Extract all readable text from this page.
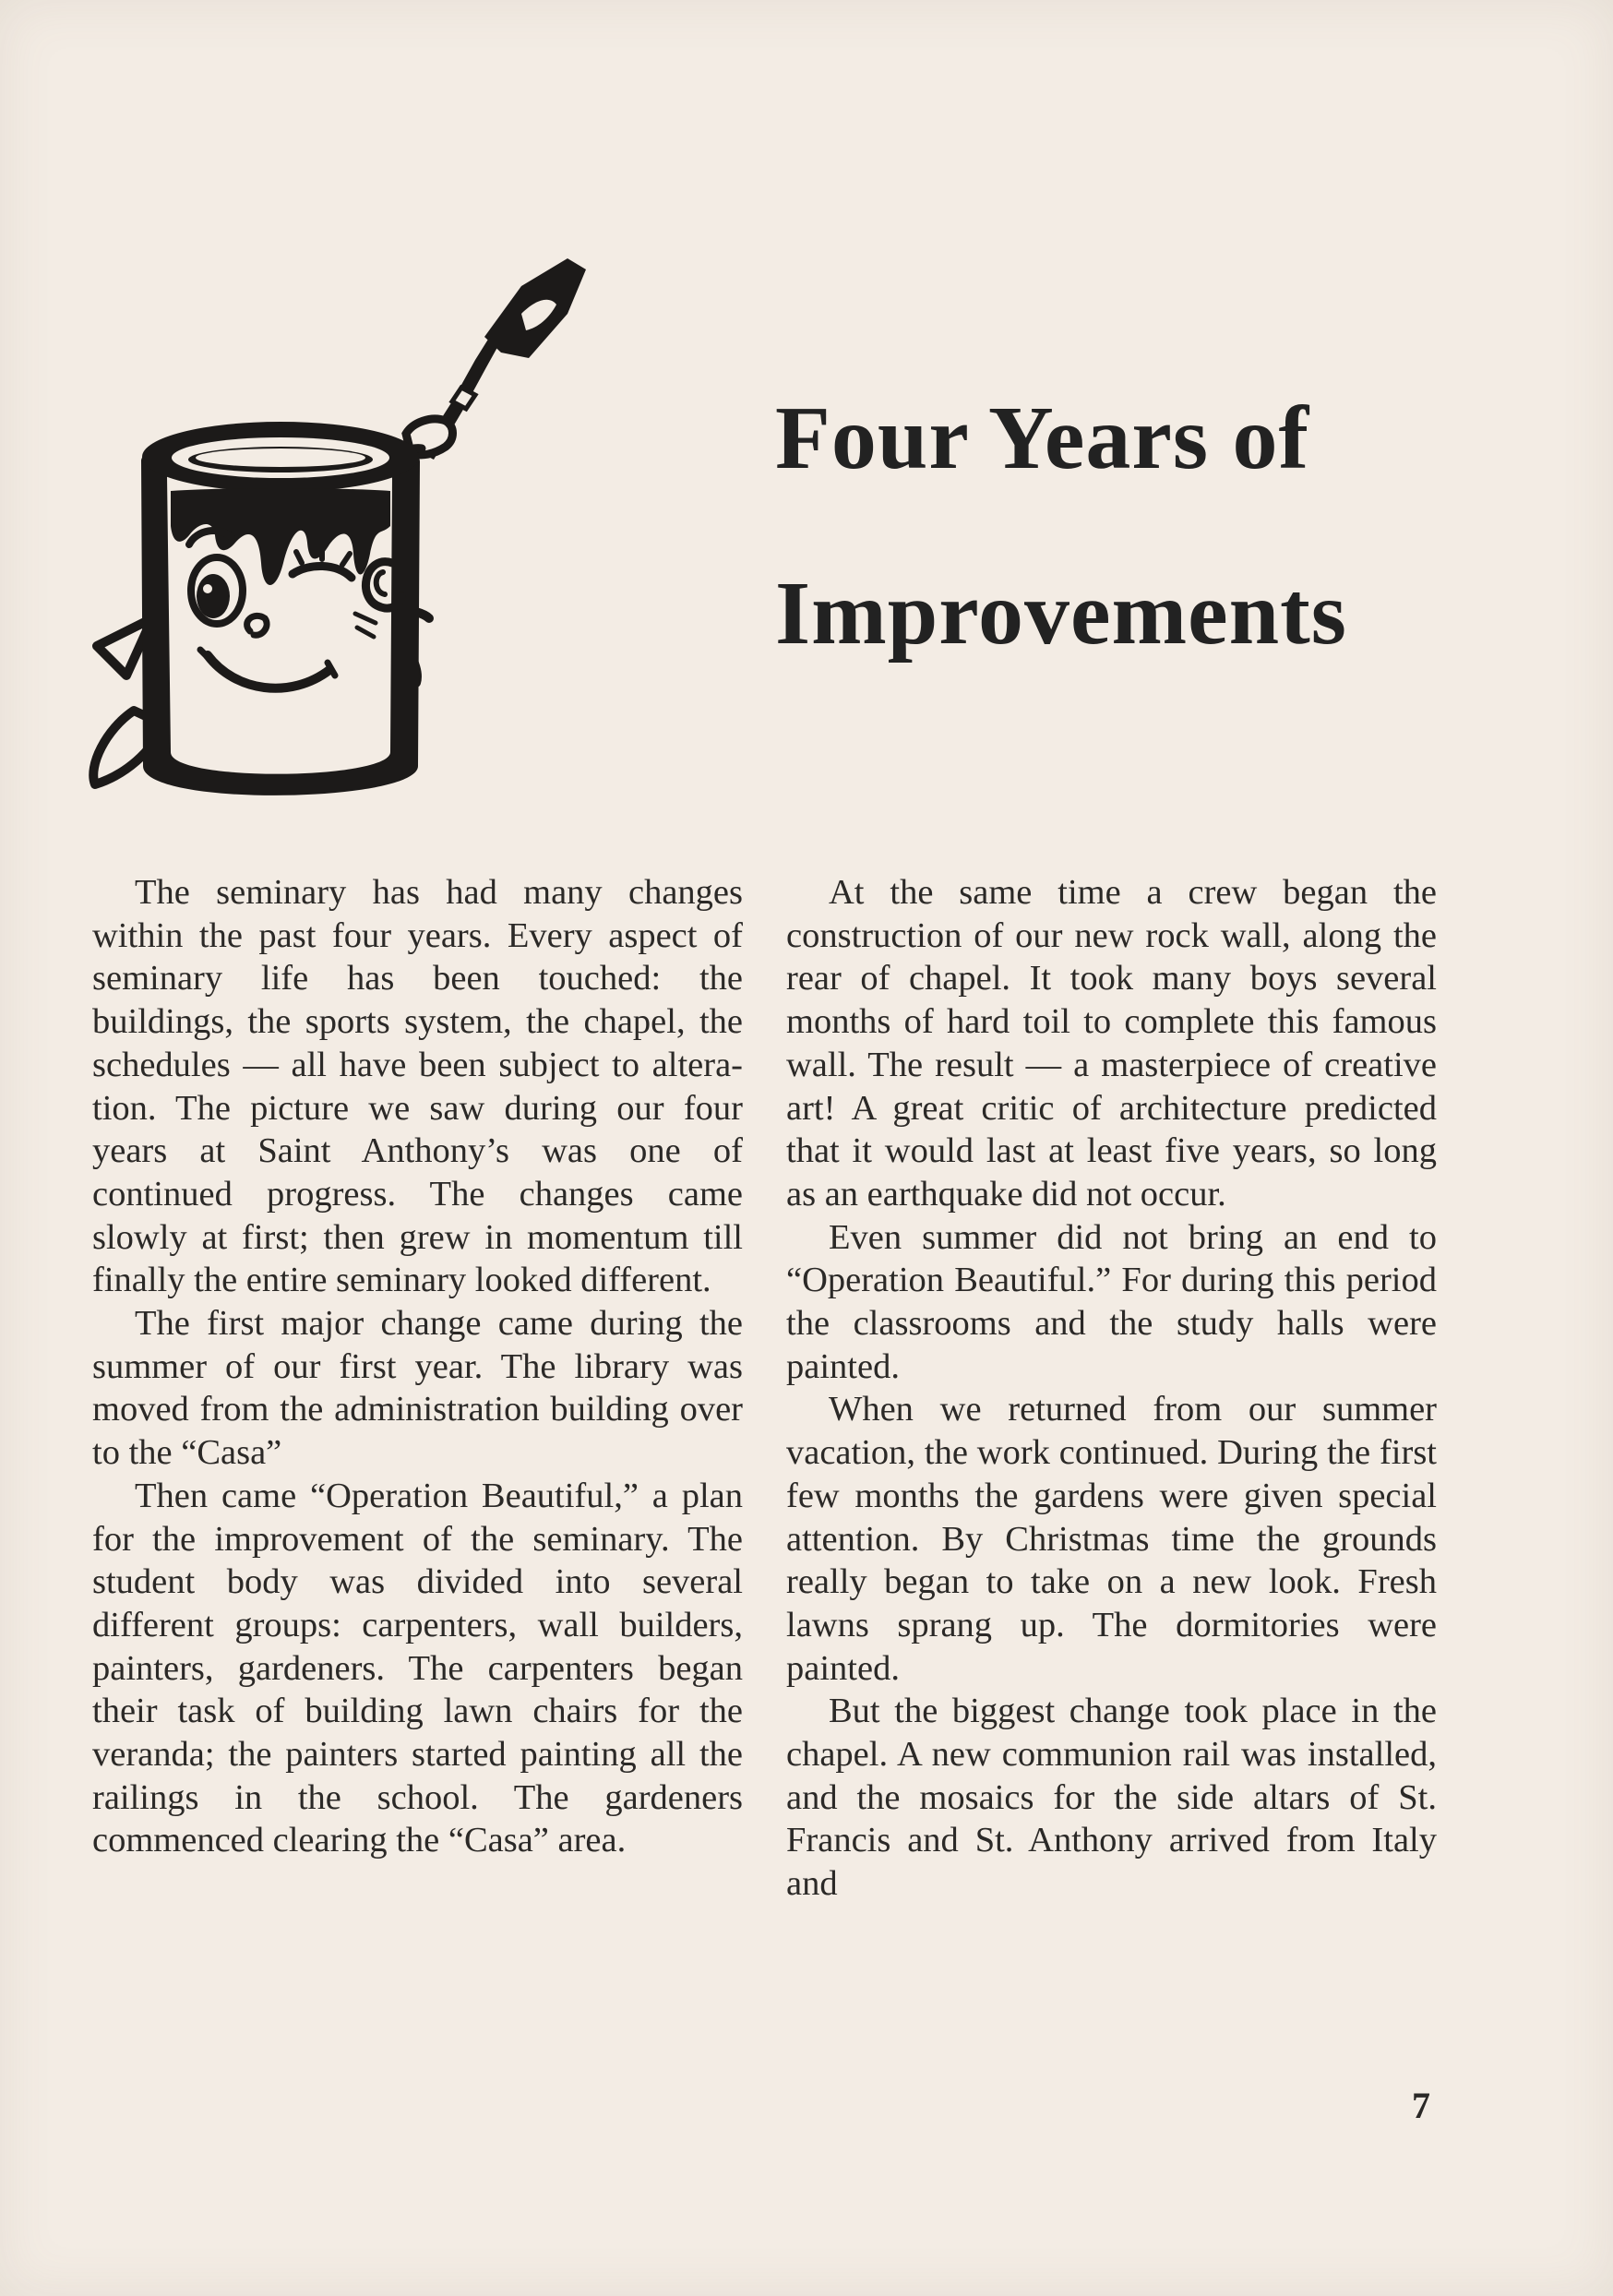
Four Years of
Improvements

The seminary has had many changes within the past four years. Every aspect of seminary life has been touched: the buildings, the sports system, the chapel, the schedules — all have been subject to alteration. The picture we saw during our four years at Saint Anthony’s was one of continued progress. The changes came slowly at first; then grew in momentum till finally the entire seminary looked different.

The first major change came during the summer of our first year. The library was moved from the administration building over to the “Casa”

Then came “Operation Beautiful,” a plan for the improvement of the seminary. The student body was divided into several different groups: carpenters, wall builders, painters, gardeners. The carpenters began their task of building lawn chairs for the veranda; the painters started painting all the railings in the school. The gardeners commenced clearing the “Casa” area.

At the same time a crew began the construction of our new rock wall, along the rear of chapel. It took many boys several months of hard toil to complete this famous wall. The result — a masterpiece of creative art! A great critic of architecture predicted that it would last at least five years, so long as an earthquake did not occur.

Even summer did not bring an end to “Operation Beautiful.” For during this period the classrooms and the study halls were painted.

When we returned from our summer vacation, the work continued. During the first few months the gardens were given special attention. By Christmas time the grounds really began to take on a new look. Fresh lawns sprang up. The dormitories were painted.

But the biggest change took place in the chapel. A new communion rail was installed, and the mosaics for the side altars of St. Francis and St. Anthony arrived from Italy and

7
